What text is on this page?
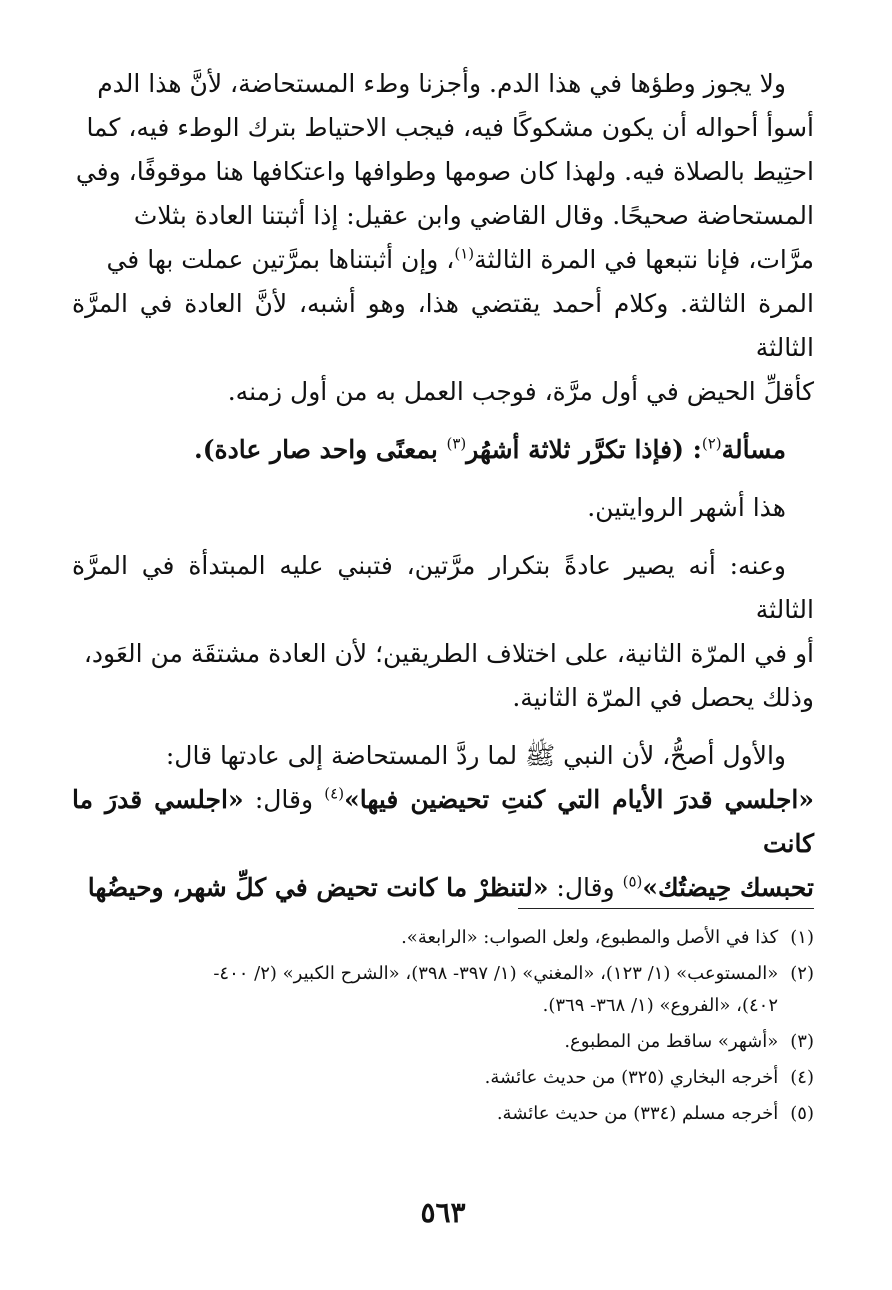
ولا يجوز وطؤها في هذا الدم. وأجزنا وطء المستحاضة، لأنَّ هذا الدم

أسوأ أحواله أن يكون مشكوكًا فيه، فيجب الاحتياط بترك الوطء فيه، كما

احتِيط بالصلاة فيه. ولهذا كان صومها وطوافها واعتكافها هنا موقوفًا، وفي

المستحاضة صحيحًا. وقال القاضي وابن عقيل: إذا أثبتنا العادة بثلاث

مرَّات، فإنا نتبعها في المرة الثالثة$^{(١)}$، وإن أثبتناها بمرَّتين عملت بها في

المرة الثالثة. وكلام أحمد يقتضي هذا، وهو أشبه، لأنَّ العادة في المرَّة الثالثة

كأقلِّ الحيض في أول مرَّة، فوجب العمل به من أول زمنه.

مسألة$^{(٢)}$: (فإذا تكرَّر ثلاثة أشهُر$^{(٣)}$ بمعنًى واحد صار عادة).

هذا أشهر الروايتين.

وعنه: أنه يصير عادةً بتكرار مرَّتين، فتبني عليه المبتدأة في المرَّة الثالثة

أو في المرّة الثانية، على اختلاف الطريقين؛ لأن العادة مشتقَة من العَود،

وذلك يحصل في المرّة الثانية.

والأول أصحُّ، لأن النبي ﷺ لما ردَّ المستحاضة إلى عادتها قال:

«اجلسي قدرَ الأيام التي كنتِ تحيضين فيها»$^{(٤)}$ وقال: «اجلسي قدرَ ما كانت

تحبسك حِيضتُك»$^{(٥)}$ وقال: «لتنظرْ ما كانت تحيض في كلِّ شهر، وحيضُها

(١) كذا في الأصل والمطبوع، ولعل الصواب: «الرابعة».
(٢) «المستوعب» (١/ ١٢٣)، «المغني» (١/ ٣٩٧- ٣٩٨)، «الشرح الكبير» (٢/ ٤٠٠-
٤٠٢)، «الفروع» (١/ ٣٦٨- ٣٦٩).
(٣) «أشهر» ساقط من المطبوع.
(٤) أخرجه البخاري (٣٢٥) من حديث عائشة.
(٥) أخرجه مسلم (٣٣٤) من حديث عائشة.
٥٦٣
